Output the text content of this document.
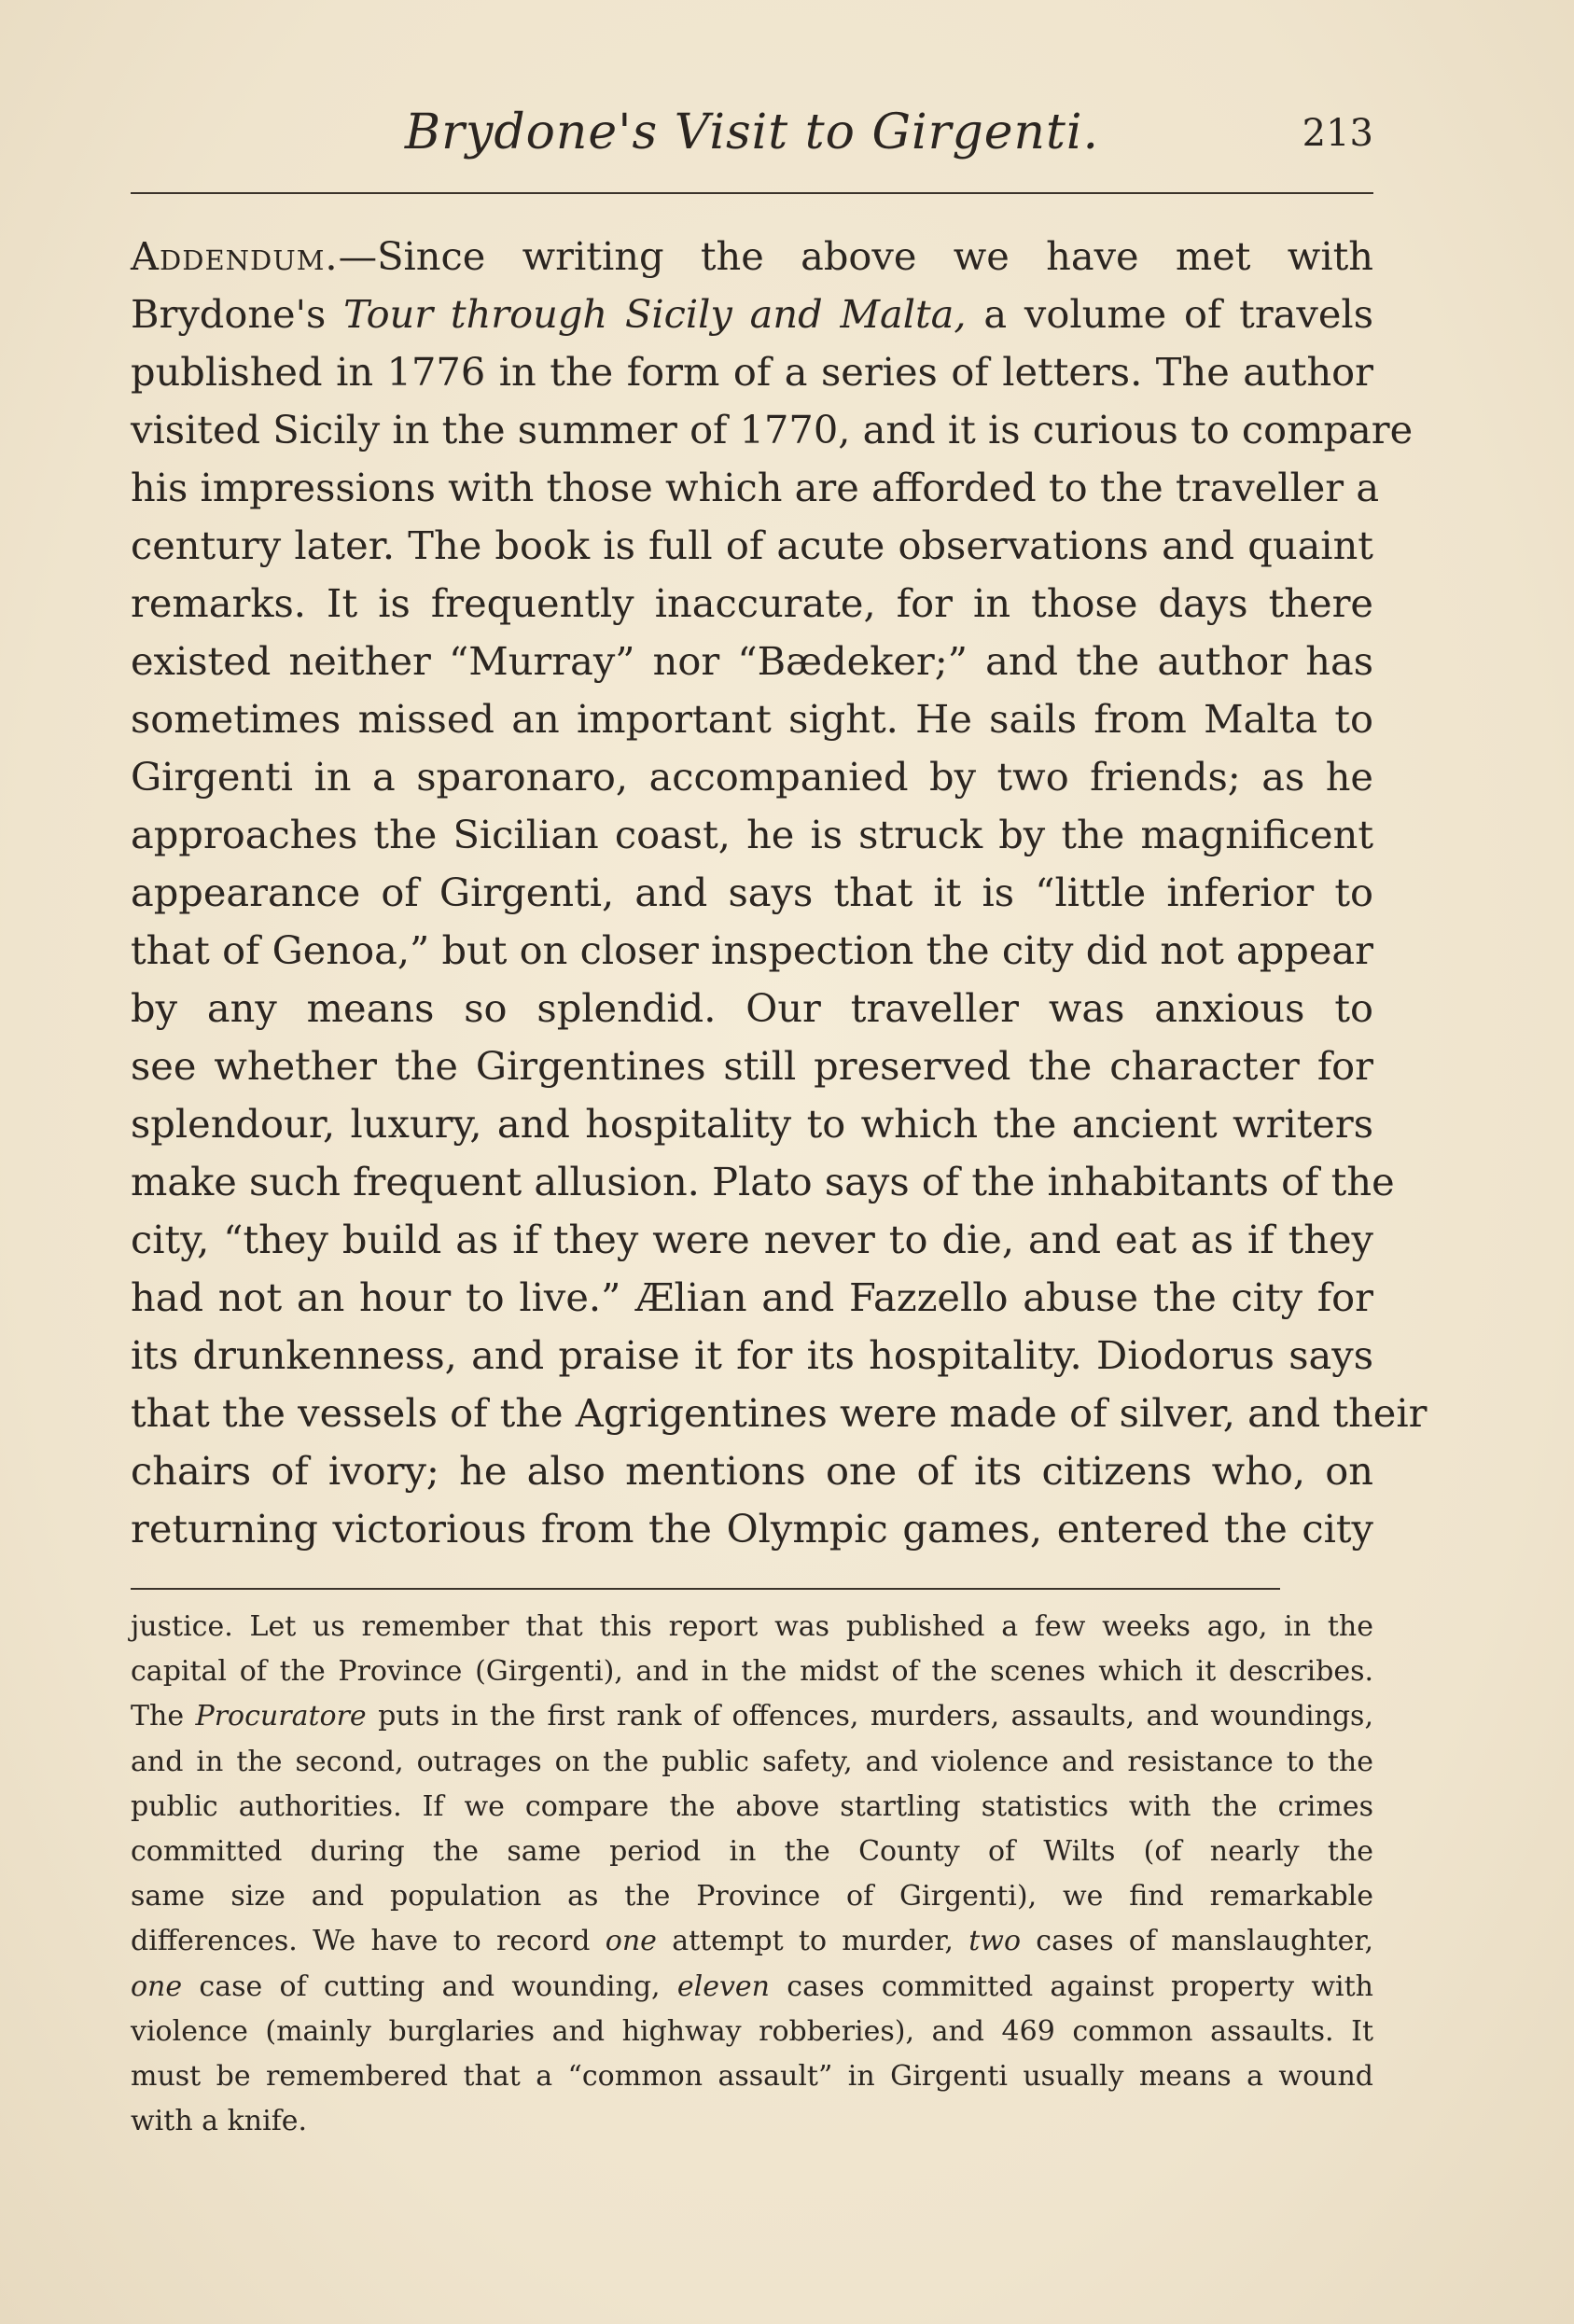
Brydone's Visit to Girgenti.	213
Addendum.—Since writing the above we have met with
Brydone's Tour through Sicily and Malta, a volume of travels
published in 1776 in the form of a series of letters. The author
visited Sicily in the summer of 1770, and it is curious to compare
his impressions with those which are afforded to the traveller a
century later. The book is full of acute observations and quaint
remarks. It is frequently inaccurate, for in those days there
existed neither “Murray” nor “Bædeker;” and the author has
sometimes missed an important sight. He sails from Malta to
Girgenti in a sparonaro, accompanied by two friends; as he
approaches the Sicilian coast, he is struck by the magnificent
appearance of Girgenti, and says that it is “little inferior to
that of Genoa,” but on closer inspection the city did not appear
by any means so splendid. Our traveller was anxious to
see whether the Girgentines still preserved the character for
splendour, luxury, and hospitality to which the ancient writers
make such frequent allusion. Plato says of the inhabitants of the
city, “they build as if they were never to die, and eat as if they
had not an hour to live.” Ælian and Fazzello abuse the city for
its drunkenness, and praise it for its hospitality. Diodorus says
that the vessels of the Agrigentines were made of silver, and their
chairs of ivory; he also mentions one of its citizens who, on
returning victorious from the Olympic games, entered the city
justice. Let us remember that this report was published a few weeks ago, in the
capital of the Province (Girgenti), and in the midst of the scenes which it describes.
The Procuratore puts in the first rank of offences, murders, assaults, and woundings,
and in the second, outrages on the public safety, and violence and resistance to the
public authorities. If we compare the above startling statistics with the crimes
committed during the same period in the County of Wilts (of nearly the
same size and population as the Province of Girgenti), we find remarkable
differences. We have to record one attempt to murder, two cases of manslaughter,
one case of cutting and wounding, eleven cases committed against property with
violence (mainly burglaries and highway robberies), and 469 common assaults. It
must be remembered that a “common assault” in Girgenti usually means a wound
with a knife.
